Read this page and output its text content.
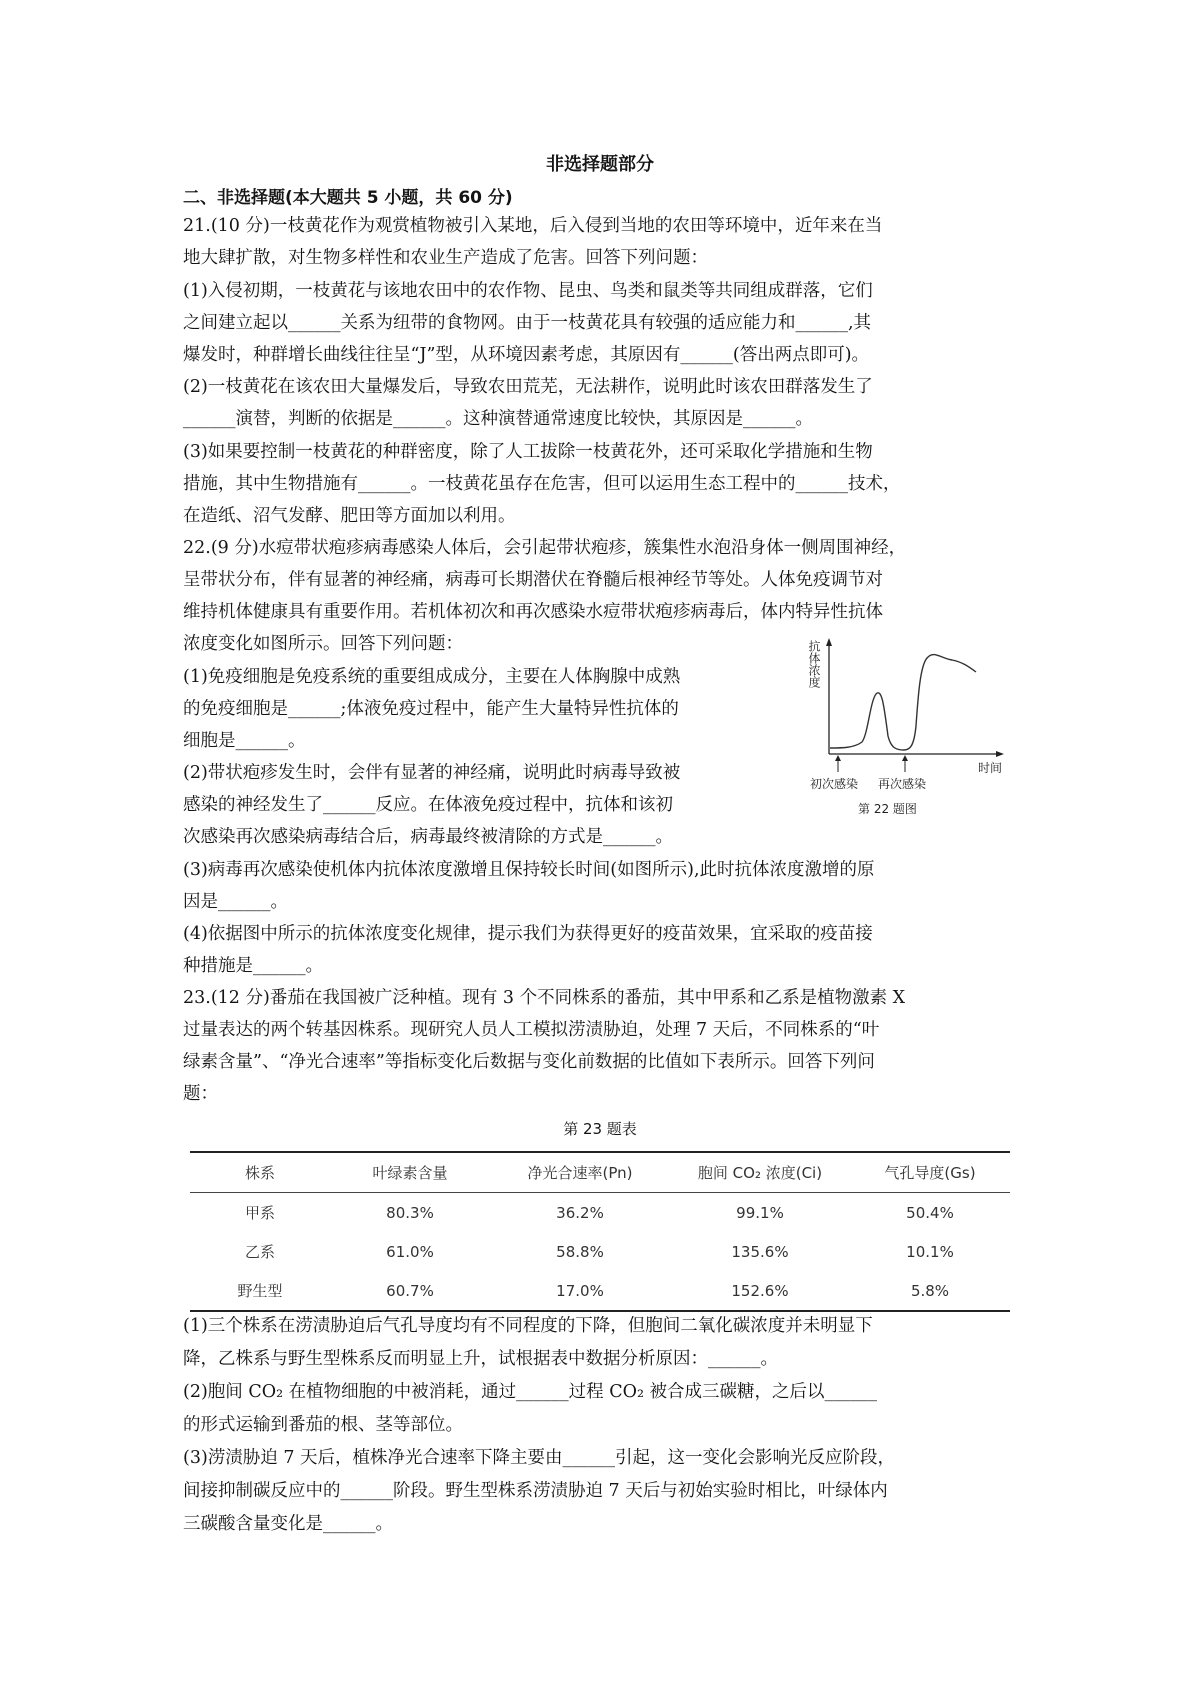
非选择题部分
二、非选择题(本大题共 5 小题，共 60 分)
21.(10 分)一枝黄花作为观赏植物被引入某地，后入侵到当地的农田等环境中，近年来在当
地大肆扩散，对生物多样性和农业生产造成了危害。回答下列问题：
(1)入侵初期，一枝黄花与该地农田中的农作物、昆虫、鸟类和鼠类等共同组成群落，它们
之间建立起以______关系为纽带的食物网。由于一枝黄花具有较强的适应能力和______,其
爆发时，种群增长曲线往往呈“J”型，从环境因素考虑，其原因有______(答出两点即可)。
(2)一枝黄花在该农田大量爆发后，导致农田荒芜，无法耕作，说明此时该农田群落发生了
______演替，判断的依据是______。这种演替通常速度比较快，其原因是______。
(3)如果要控制一枝黄花的种群密度，除了人工拔除一枝黄花外，还可采取化学措施和生物
措施，其中生物措施有______。一枝黄花虽存在危害，但可以运用生态工程中的______技术，
在造纸、沼气发酵、肥田等方面加以利用。
22.(9 分)水痘带状疱疹病毒感染人体后，会引起带状疱疹，簇集性水泡沿身体一侧周围神经，
呈带状分布，伴有显著的神经痛，病毒可长期潜伏在脊髓后根神经节等处。人体免疫调节对
维持机体健康具有重要作用。若机体初次和再次感染水痘带状疱疹病毒后，体内特异性抗体
浓度变化如图所示。回答下列问题：
(1)免疫细胞是免疫系统的重要组成成分，主要在人体胸腺中成熟
的免疫细胞是______;体液免疫过程中，能产生大量特异性抗体的
细胞是______。
(2)带状疱疹发生时，会伴有显著的神经痛，说明此时病毒导致被
感染的神经发生了______反应。在体液免疫过程中，抗体和该初
次感染再次感染病毒结合后，病毒最终被清除的方式是______。
(3)病毒再次感染使机体内抗体浓度激增且保持较长时间(如图所示),此时抗体浓度激增的原
因是______。
(4)依据图中所示的抗体浓度变化规律，提示我们为获得更好的疫苗效果，宜采取的疫苗接
种措施是______。
23.(12 分)番茄在我国被广泛种植。现有 3 个不同株系的番茄，其中甲系和乙系是植物激素 X
过量表达的两个转基因株系。现研究人员人工模拟涝渍胁迫，处理 7 天后，不同株系的“叶
绿素含量”、“净光合速率”等指标变化后数据与变化前数据的比值如下表所示。回答下列问
题：
抗体浓度
时间
初次感染 再次感染
第 22 题图
第 23 题表
株系	叶绿素含量	净光合速率(Pn)	胞间 CO₂ 浓度(Ci)	气孔导度(Gs)
甲系	80.3%	36.2%	99.1%	50.4%
乙系	61.0%	58.8%	135.6%	10.1%
野生型	60.7%	17.0%	152.6%	5.8%
(1)三个株系在涝渍胁迫后气孔导度均有不同程度的下降，但胞间二氧化碳浓度并未明显下
降，乙株系与野生型株系反而明显上升，试根据表中数据分析原因：______。
(2)胞间 CO₂ 在植物细胞的中被消耗，通过______过程 CO₂ 被合成三碳糖，之后以______
的形式运输到番茄的根、茎等部位。
(3)涝渍胁迫 7 天后，植株净光合速率下降主要由______引起，这一变化会影响光反应阶段，
间接抑制碳反应中的______阶段。野生型株系涝渍胁迫 7 天后与初始实验时相比，叶绿体内
三碳酸含量变化是______。
